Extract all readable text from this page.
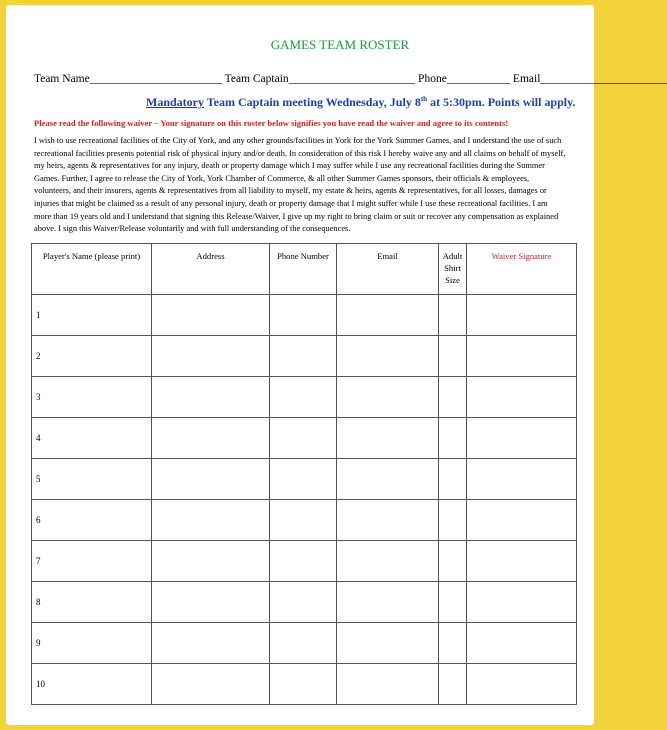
GAMES TEAM ROSTER
Team Name_______________________ Team Captain______________________ Phone___________ Email______________________
Mandatory Team Captain meeting Wednesday, July 8th at 5:30pm. Points will apply.
Please read the following waiver – Your signature on this roster below signifies you have read the waiver and agree to its contents!
I wish to use recreational facilities of the City of York, and any other grounds/facilities in York for the York Summer Games, and I understand the use of such recreational facilities presents potential risk of physical injury and/or death. In consideration of this risk I hereby waive any and all claims on behalf of myself, my heirs, agents & representatives for any injury, death or property damage which I may suffer while I use any recreational facilities during the Summer Games. Further, I agree to release the City of York, York Chamber of Commerce, & all other Summer Games sponsors, their officials & employees, volunteers, and their insurers, agents & representatives from all liability to myself, my estate & heirs, agents & representatives, for all losses, damages or injuries that might be claimed as a result of any personal injury, death or property damage that I might suffer while I use these recreational facilities. I am more than 19 years old and I understand that signing this Release/Waiver, I give up my right to bring claim or suit or recover any compensation as explained above. I sign this Waiver/Release voluntarily and with full understanding of the consequences.
Player's Name (please print)	Address	Phone Number	Email	Adult Shirt Size	Waiver Signature
1					
2					
3					
4					
5					
6					
7					
8					
9					
10					
